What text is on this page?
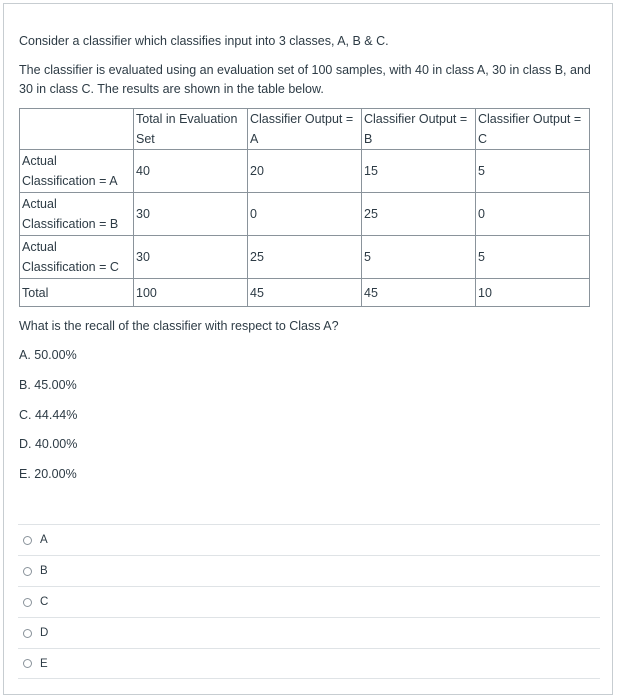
Consider a classifier which classifies input into 3 classes, A, B & C.

The classifier is evaluated using an evaluation set of 100 samples, with 40 in class A, 30 in class B, and 30 in class C. The results are shown in the table below.

	Total in Evaluation Set	Classifier Output = A	Classifier Output = B	Classifier Output = C
Actual Classification = A	40	20	15	5
Actual Classification = B	30	0	25	0
Actual Classification = C	30	25	5	5
Total	100	45	45	10

What is the recall of the classifier with respect to Class A?

A. 50.00%

B. 45.00%

C. 44.44%

D. 40.00%

E. 20.00%

A
B
C
D
E
